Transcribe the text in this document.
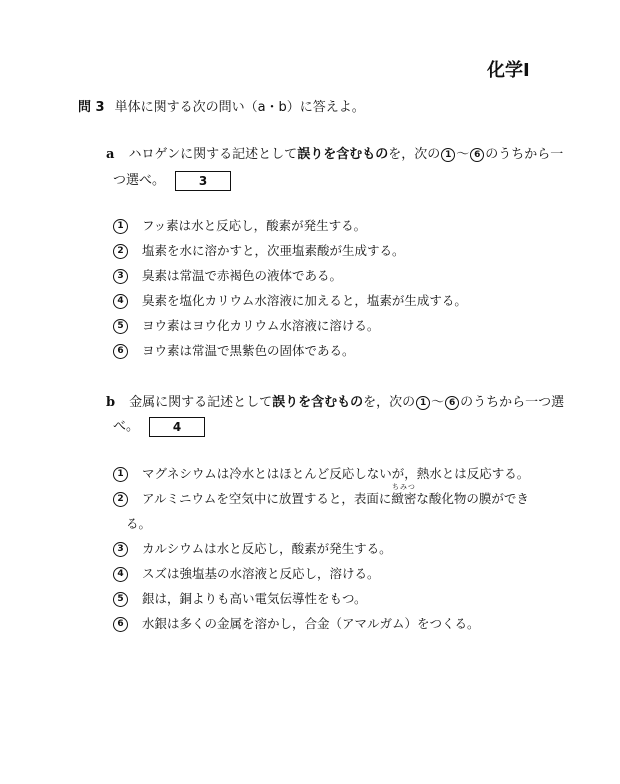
化学Ⅰ
問 3 単体に関する次の問い（a・b）に答えよ。
a ハロゲンに関する記述として誤りを含むものを，次の 1 〜 6 のうちから一
つ選べ。	3
1 フッ素は水と反応し，酸素が発生する。
2 塩素を水に溶かすと，次亜塩素酸が生成する。
3 臭素は常温で赤褐色の液体である。
4 臭素を塩化カリウム水溶液に加えると，塩素が生成する。
5 ヨウ素はヨウ化カリウム水溶液に溶ける。
6 ヨウ素は常温で黒紫色の固体である。
b 金属に関する記述として誤りを含むものを，次の 1 〜 6 のうちから一つ選
べ。	4
1 マグネシウムは冷水とはほとんど反応しないが，熱水とは反応する。
ちみつ
2 アルミニウムを空気中に放置すると，表面に緻密な酸化物の膜ができ
る。
3 カルシウムは水と反応し，酸素が発生する。
4 スズは強塩基の水溶液と反応し，溶ける。
5 銀は，銅よりも高い電気伝導性をもつ。
6 水銀は多くの金属を溶かし，合金（アマルガム）をつくる。
